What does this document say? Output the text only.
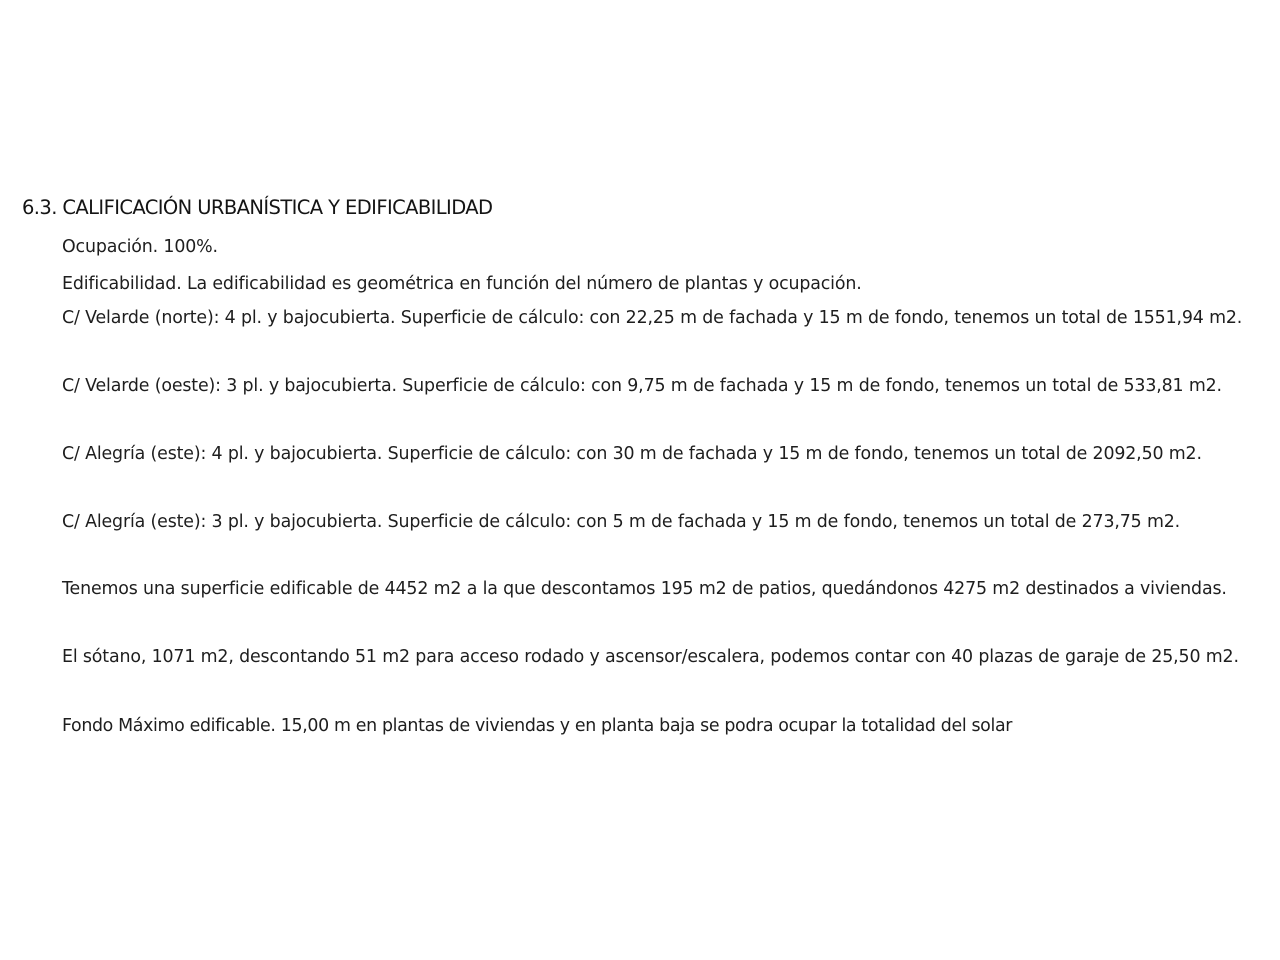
6.3. CALIFICACIÓN URBANÍSTICA Y EDIFICABILIDAD

Ocupación. 100%.

Edificabilidad. La edificabilidad es geométrica en función del número de plantas y ocupación.

C/ Velarde (norte): 4 pl. y bajocubierta. Superficie de cálculo: con 22,25 m de fachada y 15 m de fondo, tenemos un total de 1551,94 m2.

C/ Velarde (oeste): 3 pl. y bajocubierta. Superficie de cálculo: con 9,75 m de fachada y 15 m de fondo, tenemos un total de 533,81 m2.

C/ Alegría (este): 4 pl. y bajocubierta. Superficie de cálculo: con 30 m de fachada y 15 m de fondo, tenemos un total de 2092,50 m2.

C/ Alegría (este): 3 pl. y bajocubierta. Superficie de cálculo: con 5 m de fachada y 15 m de fondo, tenemos un total de 273,75 m2.

Tenemos una superficie edificable de 4452 m2 a la que descontamos 195 m2 de patios, quedándonos 4275 m2 destinados a viviendas.

El sótano, 1071 m2, descontando 51 m2 para acceso rodado y ascensor/escalera, podemos contar con 40 plazas de garaje de 25,50 m2.

Fondo Máximo edificable. 15,00 m en plantas de viviendas y en planta baja se podra ocupar la totalidad del solar
